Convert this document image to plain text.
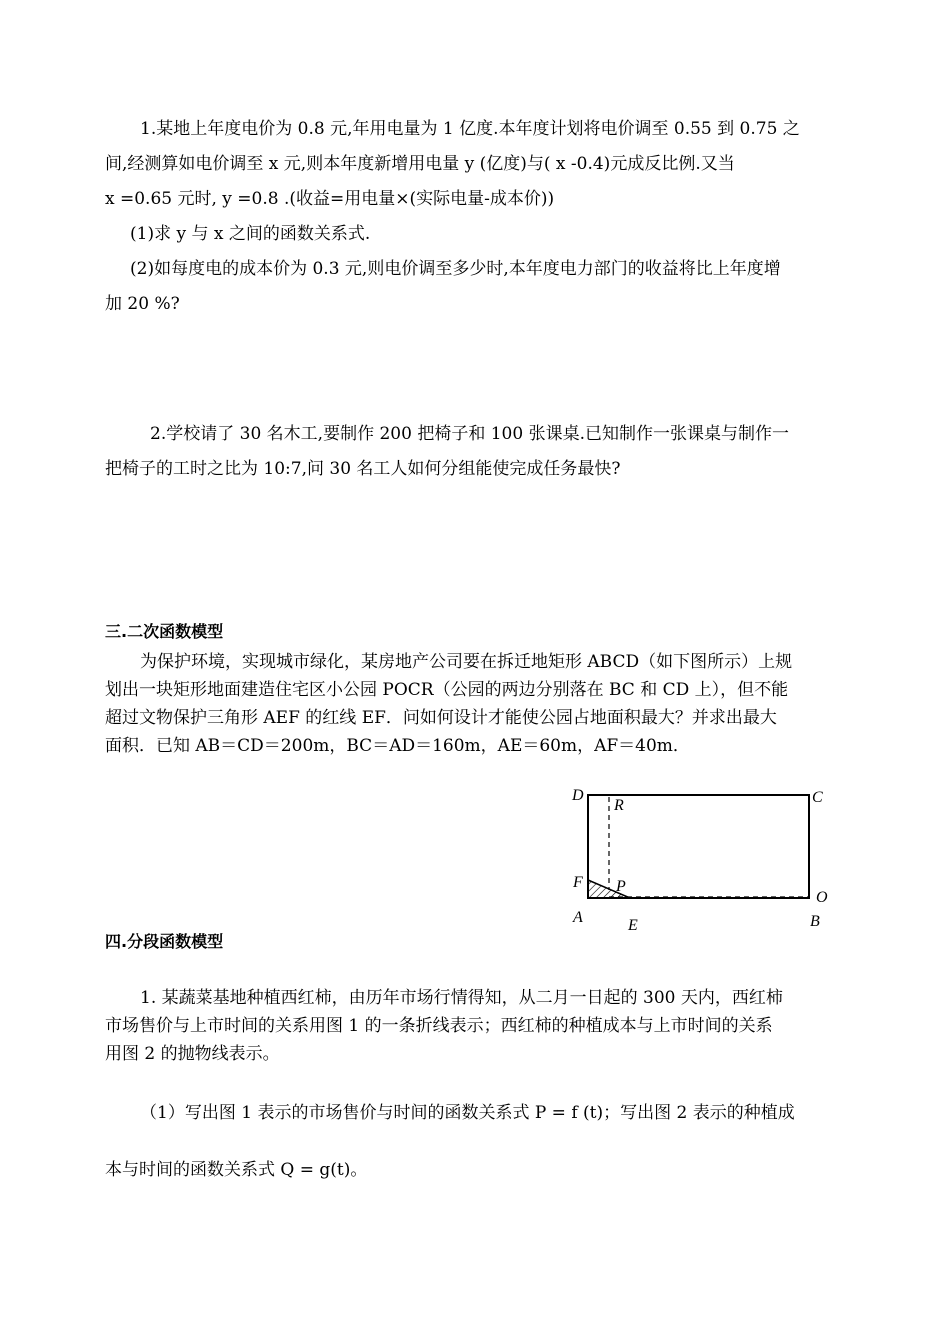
1.某地上年度电价为 0.8 元,年用电量为 1 亿度.本年度计划将电价调至 0.55 到 0.75 之
间,经测算如电价调至 x 元,则本年度新增用电量 y (亿度)与( x -0.4)元成反比例.又当
x =0.65 元时, y =0.8 .(收益=用电量×(实际电量-成本价))
(1)求 y 与 x 之间的函数关系式.
(2)如每度电的成本价为 0.3 元,则电价调至多少时,本年度电力部门的收益将比上年度增
加 20 %?
2.学校请了 30 名木工,要制作 200 把椅子和 100 张课桌.已知制作一张课桌与制作一
把椅子的工时之比为 10:7,问 30 名工人如何分组能使完成任务最快?
三.二次函数模型
为保护环境，实现城市绿化，某房地产公司要在拆迁地矩形 ABCD（如下图所示）上规
划出一块矩形地面建造住宅区小公园 POCR（公园的两边分别落在 BC 和 CD 上），但不能
超过文物保护三角形 AEF 的红线 EF．问如何设计才能使公园占地面积最大？并求出最大
面积．已知 AB＝CD＝200m，BC＝AD＝160m，AE＝60m，AF＝40m．
D
R	C
F P
O
A	E	B
四.分段函数模型
1. 某蔬菜基地种植西红柿，由历年市场行情得知，从二月一日起的 300 天内，西红柿
市场售价与上市时间的关系用图 1 的一条折线表示；西红柿的种植成本与上市时间的关系
用图 2 的抛物线表示。
（1）写出图 1 表示的市场售价与时间的函数关系式 P = f (t)；写出图 2 表示的种植成
本与时间的函数关系式 Q = g(t)。
